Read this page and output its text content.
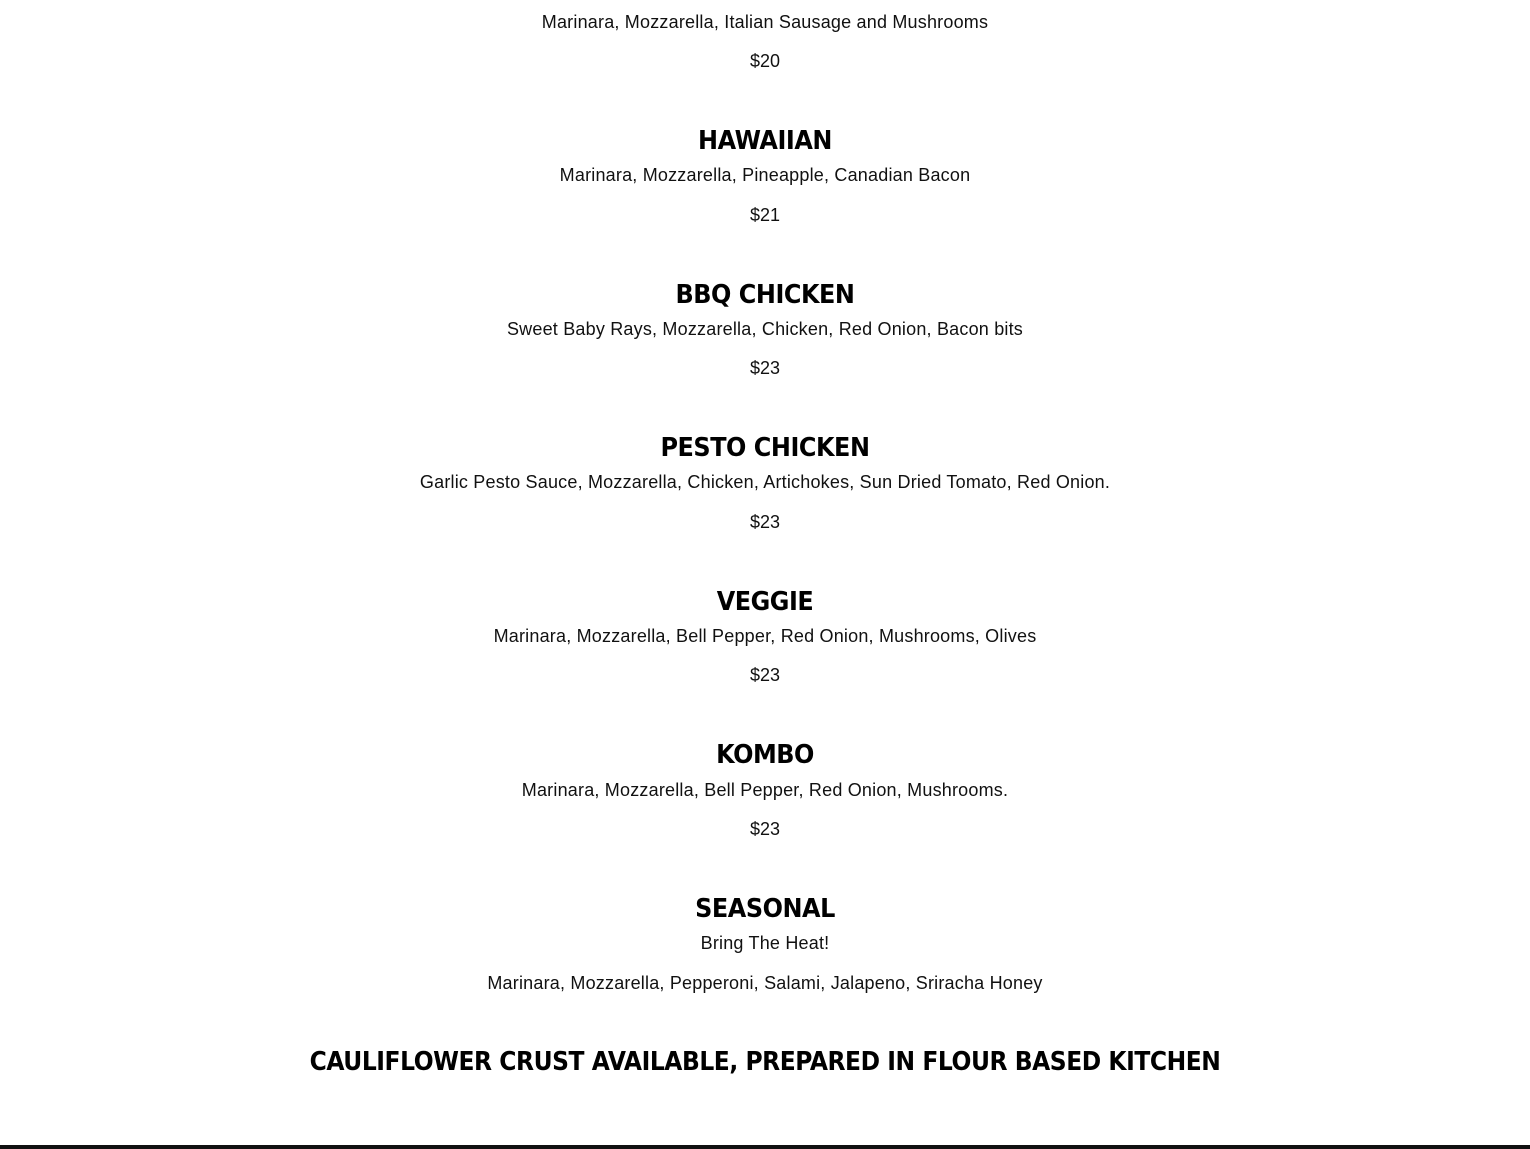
Marinara, Mozzarella, Italian Sausage and Mushrooms

$20

HAWAIIAN

Marinara, Mozzarella, Pineapple, Canadian Bacon

$21

BBQ CHICKEN

Sweet Baby Rays, Mozzarella, Chicken, Red Onion, Bacon bits

$23

PESTO CHICKEN

Garlic Pesto Sauce, Mozzarella, Chicken, Artichokes, Sun Dried Tomato, Red Onion.

$23

VEGGIE

Marinara, Mozzarella, Bell Pepper, Red Onion, Mushrooms, Olives

$23

KOMBO

Marinara, Mozzarella, Bell Pepper, Red Onion, Mushrooms.

$23

SEASONAL

Bring The Heat!

Marinara, Mozzarella, Pepperoni, Salami, Jalapeno, Sriracha Honey

CAULIFLOWER CRUST AVAILABLE, PREPARED IN FLOUR BASED KITCHEN
